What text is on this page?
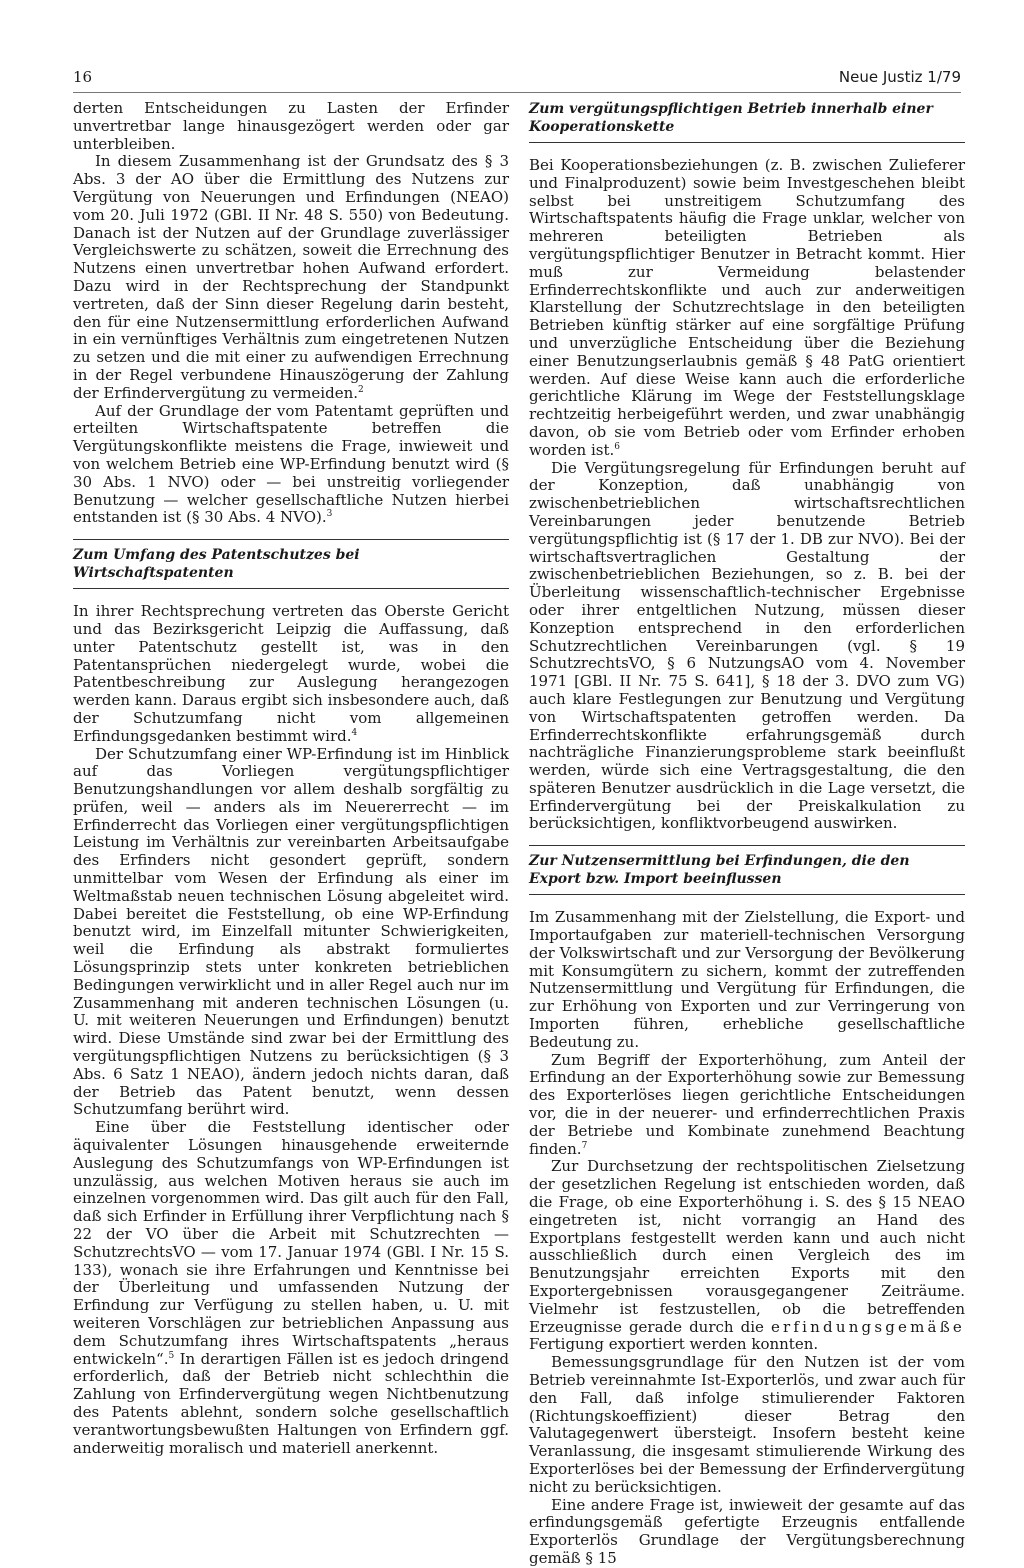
16	Neue Justiz 1/79

derten Entscheidungen zu Lasten der Erfinder unvertretbar lange hinausgezögert werden oder gar unterbleiben.

In diesem Zusammenhang ist der Grundsatz des § 3 Abs. 3 der AO über die Ermittlung des Nutzens zur Vergütung von Neuerungen und Erfindungen (NEAO) vom 20. Juli 1972 (GBl. II Nr. 48 S. 550) von Bedeutung. Danach ist der Nutzen auf der Grundlage zuverlässiger Vergleichswerte zu schätzen, soweit die Errechnung des Nutzens einen unvertretbar hohen Aufwand erfordert. Dazu wird in der Rechtsprechung der Standpunkt vertreten, daß der Sinn dieser Regelung darin besteht, den für eine Nutzensermittlung erforderlichen Aufwand in ein vernünftiges Verhältnis zum eingetretenen Nutzen zu setzen und die mit einer zu aufwendigen Errechnung in der Regel verbundene Hinauszögerung der Zahlung der Erfindervergütung zu vermeiden.$^2$

Auf der Grundlage der vom Patentamt geprüften und erteilten Wirtschaftspatente betreffen die Vergütungskonflikte meistens die Frage, inwieweit und von welchem Betrieb eine WP-Erfindung benutzt wird (§ 30 Abs. 1 NVO) oder — bei unstreitig vorliegender Benutzung — welcher gesellschaftliche Nutzen hierbei entstanden ist (§ 30 Abs. 4 NVO).$^3$

Zum Umfang des Patentschutzes bei Wirtschaftspatenten

In ihrer Rechtsprechung vertreten das Oberste Gericht und das Bezirksgericht Leipzig die Auffassung, daß unter Patentschutz gestellt ist, was in den Patentansprüchen niedergelegt wurde, wobei die Patentbeschreibung zur Auslegung herangezogen werden kann. Daraus ergibt sich insbesondere auch, daß der Schutzumfang nicht vom allgemeinen Erfindungsgedanken bestimmt wird.$^4$

Der Schutzumfang einer WP-Erfindung ist im Hinblick auf das Vorliegen vergütungspflichtiger Benutzungshandlungen vor allem deshalb sorgfältig zu prüfen, weil — anders als im Neuererrecht — im Erfinderrecht das Vorliegen einer vergütungspflichtigen Leistung im Verhältnis zur vereinbarten Arbeitsaufgabe des Erfinders nicht gesondert geprüft, sondern unmittelbar vom Wesen der Erfindung als einer im Weltmaßstab neuen technischen Lösung abgeleitet wird. Dabei bereitet die Feststellung, ob eine WP-Erfindung benutzt wird, im Einzelfall mitunter Schwierigkeiten, weil die Erfindung als abstrakt formuliertes Lösungsprinzip stets unter konkreten betrieblichen Bedingungen verwirklicht und in aller Regel auch nur im Zusammenhang mit anderen technischen Lösungen (u. U. mit weiteren Neuerungen und Erfindungen) benutzt wird. Diese Umstände sind zwar bei der Ermittlung des vergütungspflichtigen Nutzens zu berücksichtigen (§ 3 Abs. 6 Satz 1 NEAO), ändern jedoch nichts daran, daß der Betrieb das Patent benutzt, wenn dessen Schutzumfang berührt wird.

Eine über die Feststellung identischer oder äquivalenter Lösungen hinausgehende erweiternde Auslegung des Schutzumfangs von WP-Erfindungen ist unzulässig, aus welchen Motiven heraus sie auch im einzelnen vorgenommen wird. Das gilt auch für den Fall, daß sich Erfinder in Erfüllung ihrer Verpflichtung nach § 22 der VO über die Arbeit mit Schutzrechten — SchutzrechtsVO — vom 17. Januar 1974 (GBl. I Nr. 15 S. 133), wonach sie ihre Erfahrungen und Kenntnisse bei der Überleitung und umfassenden Nutzung der Erfindung zur Verfügung zu stellen haben, u. U. mit weiteren Vorschlägen zur betrieblichen Anpassung aus dem Schutzumfang ihres Wirtschaftspatents „heraus entwickeln“.$^5$ In derartigen Fällen ist es jedoch dringend erforderlich, daß der Betrieb nicht schlechthin die Zahlung von Erfindervergütung wegen Nichtbenutzung des Patents ablehnt, sondern solche gesellschaftlich verantwortungsbewußten Haltungen von Erfindern ggf. anderweitig moralisch und materiell anerkennt.

Zum vergütungspflichtigen Betrieb innerhalb einer Kooperationskette

Bei Kooperationsbeziehungen (z. B. zwischen Zulieferer und Finalproduzent) sowie beim Investgeschehen bleibt selbst bei unstreitigem Schutzumfang des Wirtschaftspatents häufig die Frage unklar, welcher von mehreren beteiligten Betrieben als vergütungspflichtiger Benutzer in Betracht kommt. Hier muß zur Vermeidung belastender Erfinderrechtskonflikte und auch zur anderweitigen Klarstellung der Schutzrechtslage in den beteiligten Betrieben künftig stärker auf eine sorgfältige Prüfung und unverzügliche Entscheidung über die Beziehung einer Benutzungserlaubnis gemäß § 48 PatG orientiert werden. Auf diese Weise kann auch die erforderliche gerichtliche Klärung im Wege der Feststellungsklage rechtzeitig herbeigeführt werden, und zwar unabhängig davon, ob sie vom Betrieb oder vom Erfinder erhoben worden ist.$^6$

Die Vergütungsregelung für Erfindungen beruht auf der Konzeption, daß unabhängig von zwischenbetrieblichen wirtschaftsrechtlichen Vereinbarungen jeder benutzende Betrieb vergütungspflichtig ist (§ 17 der 1. DB zur NVO). Bei der wirtschaftsvertraglichen Gestaltung der zwischenbetrieblichen Beziehungen, so z. B. bei der Überleitung wissenschaftlich-technischer Ergebnisse oder ihrer entgeltlichen Nutzung, müssen dieser Konzeption entsprechend in den erforderlichen Schutzrechtlichen Vereinbarungen (vgl. § 19 SchutzrechtsVO, § 6 NutzungsAO vom 4. November 1971 [GBl. II Nr. 75 S. 641], § 18 der 3. DVO zum VG) auch klare Festlegungen zur Benutzung und Vergütung von Wirtschaftspatenten getroffen werden. Da Erfinderrechtskonflikte erfahrungsgemäß durch nachträgliche Finanzierungsprobleme stark beeinflußt werden, würde sich eine Vertragsgestaltung, die den späteren Benutzer ausdrücklich in die Lage versetzt, die Erfindervergütung bei der Preiskalkulation zu berücksichtigen, konfliktvorbeugend auswirken.

Zur Nutzensermittlung bei Erfindungen, die den Export bzw. Import beeinflussen

Im Zusammenhang mit der Zielstellung, die Export- und Importaufgaben zur materiell-technischen Versorgung der Volkswirtschaft und zur Versorgung der Bevölkerung mit Konsumgütern zu sichern, kommt der zutreffenden Nutzensermittlung und Vergütung für Erfindungen, die zur Erhöhung von Exporten und zur Verringerung von Importen führen, erhebliche gesellschaftliche Bedeutung zu.

Zum Begriff der Exporterhöhung, zum Anteil der Erfindung an der Exporterhöhung sowie zur Bemessung des Exporterlöses liegen gerichtliche Entscheidungen vor, die in der neuerer- und erfinderrechtlichen Praxis der Betriebe und Kombinate zunehmend Beachtung finden.$^7$

Zur Durchsetzung der rechtspolitischen Zielsetzung der gesetzlichen Regelung ist entschieden worden, daß die Frage, ob eine Exporterhöhung i. S. des § 15 NEAO eingetreten ist, nicht vorrangig an Hand des Exportplans festgestellt werden kann und auch nicht ausschließlich durch einen Vergleich des im Benutzungsjahr erreichten Exports mit den Exportergebnissen vorausgegangener Zeiträume. Vielmehr ist festzustellen, ob die betreffenden Erzeugnisse gerade durch die erfindungsgemäße Fertigung exportiert werden konnten.

Bemessungsgrundlage für den Nutzen ist der vom Betrieb vereinnahmte Ist-Exporterlös, und zwar auch für den Fall, daß infolge stimulierender Faktoren (Richtungskoeffizient) dieser Betrag den Valutagegenwert übersteigt. Insofern besteht keine Veranlassung, die insgesamt stimulierende Wirkung des Exporterlöses bei der Bemessung der Erfindervergütung nicht zu berücksichtigen.

Eine andere Frage ist, inwieweit der gesamte auf das erfindungsgemäß gefertigte Erzeugnis entfallende Exporterlös Grundlage der Vergütungsberechnung gemäß § 15
